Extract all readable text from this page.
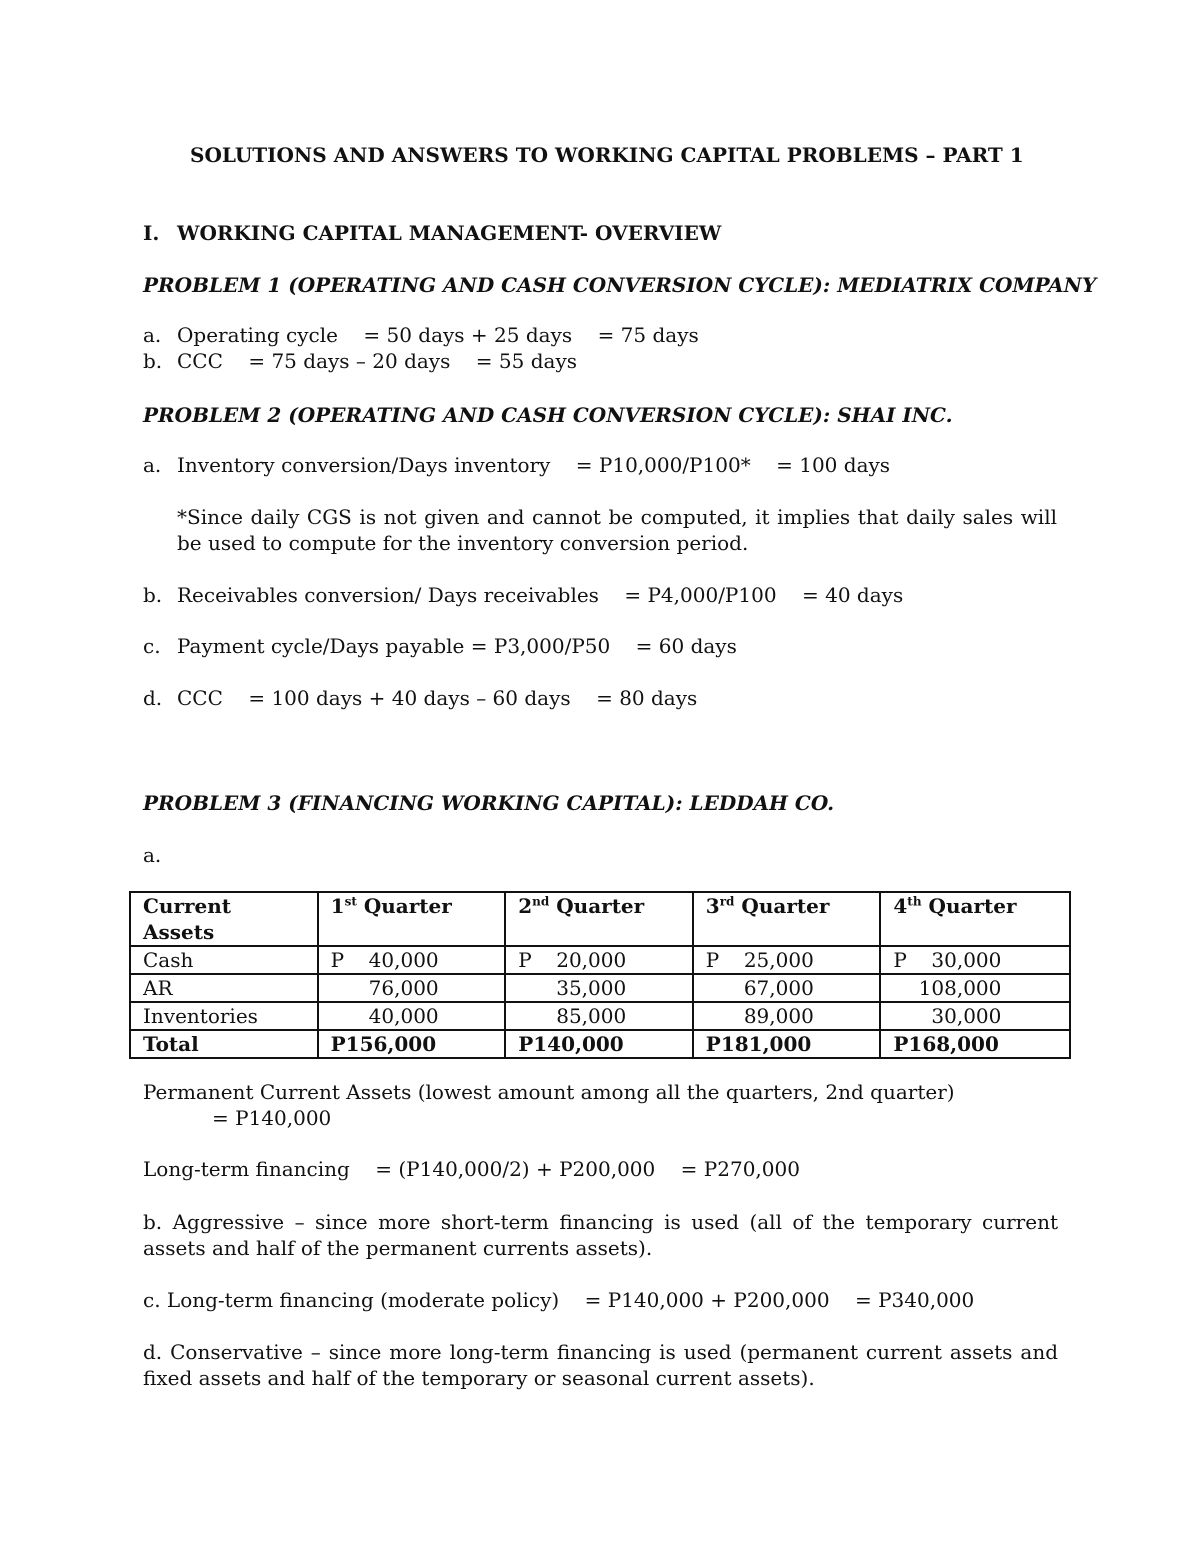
SOLUTIONS AND ANSWERS TO WORKING CAPITAL PROBLEMS – PART 1
I. WORKING CAPITAL MANAGEMENT- OVERVIEW
PROBLEM 1 (OPERATING AND CASH CONVERSION CYCLE): MEDIATRIX COMPANY
a. Operating cycle    = 50 days + 25 days    = 75 days
b. CCC    = 75 days – 20 days    = 55 days
PROBLEM 2 (OPERATING AND CASH CONVERSION CYCLE): SHAI INC.
a. Inventory conversion/Days inventory    = P10,000/P100*    = 100 days
*Since daily CGS is not given and cannot be computed, it implies that daily sales will be used to compute for the inventory conversion period.
b. Receivables conversion/ Days receivables    = P4,000/P100    = 40 days
c. Payment cycle/Days payable = P3,000/P50    = 60 days
d. CCC    = 100 days + 40 days – 60 days    = 80 days
PROBLEM 3 (FINANCING WORKING CAPITAL): LEDDAH CO.
a.
Current
Assets	1st Quarter	2nd Quarter	3rd Quarter	4th Quarter
Cash	P 40,000	P 20,000	P 25,000	P 30,000

AR	76,000	35,000	67,000	108,000

Inventories	40,000	85,000	89,000	30,000

Total	P156,000	P140,000	P181,000	P168,000
Permanent Current Assets (lowest amount among all the quarters, 2nd quarter)
= P140,000
Long-term financing    = (P140,000/2) + P200,000    = P270,000
b. Aggressive – since more short-term financing is used (all of the temporary current assets and half of the permanent currents assets).
c. Long-term financing (moderate policy)    = P140,000 + P200,000    = P340,000
d. Conservative – since more long-term financing is used (permanent current assets and fixed assets and half of the temporary or seasonal current assets).
